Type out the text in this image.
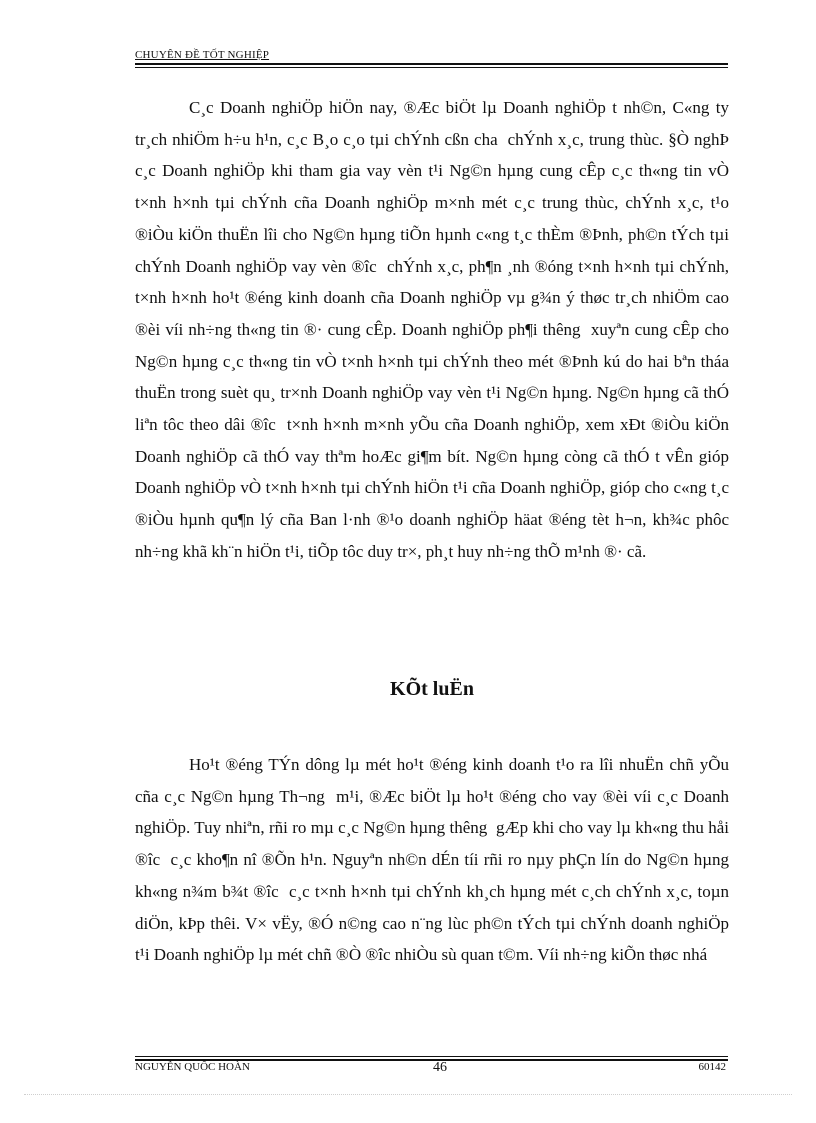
CHUYÊN ĐỀ TỐT NGHIỆP

C¸c Doanh nghiÖp hiÖn nay, ®Æc biÖt lµ Doanh nghiÖp t nh©n, C«ng ty tr¸ch nhiÖm h÷u h¹n, c¸c B¸o c¸o tµi chÝnh cßn cha chÝnh x¸c, trung thùc. §Ò nghÞ c¸c Doanh nghiÖp khi tham gia vay vèn t¹i Ng©n hµng cung cÊp c¸c th«ng tin vÒ t×nh h×nh tµi chÝnh cña Doanh nghiÖp m×nh mét c¸c trung thùc, chÝnh x¸c, t¹o ®iÒu kiÖn thuËn lîi cho Ng©n hµng tiÕn hµnh c«ng t¸c thÈm ®Þnh, ph©n tÝch tµi chÝnh Doanh nghiÖp vay vèn ®îc chÝnh x¸c, ph¶n ¸nh ®óng t×nh h×nh tµi chÝnh, t×nh h×nh ho¹t ®éng kinh doanh cña Doanh nghiÖp vµ g¾n ý thøc tr¸ch nhiÖm cao ®èi víi nh÷ng th«ng tin ®· cung cÊp. Doanh nghiÖp ph¶i thêng xuyªn cung cÊp cho Ng©n hµng c¸c th«ng tin vÒ t×nh h×nh tµi chÝnh theo mét ®Þnh kú do hai bªn tháa thuËn trong suèt qu¸ tr×nh Doanh nghiÖp vay vèn t¹i Ng©n hµng. Ng©n hµng cã thÓ liªn tôc theo dâi ®îc t×nh h×nh m×nh yÕu cña Doanh nghiÖp, xem xÐt ®iÒu kiÖn Doanh nghiÖp cã thÓ vay thªm hoÆc gi¶m bít. Ng©n hµng còng cã thÓ t vÊn gióp Doanh nghiÖp vÒ t×nh h×nh tµi chÝnh hiÖn t¹i cña Doanh nghiÖp, gióp cho c«ng t¸c ®iÒu hµnh qu¶n lý cña Ban l·nh ®¹o doanh nghiÖp häat ®éng tèt h¬n, kh¾c phôc nh÷ng khã kh¨n hiÖn t¹i, tiÕp tôc duy tr×, ph¸t huy nh÷ng thÕ m¹nh ®· cã.

KÕt luËn

Ho¹t ®éng TÝn dông lµ mét ho¹t ®éng kinh doanh t¹o ra lîi nhuËn chñ yÕu cña c¸c Ng©n hµng Th¬ng m¹i, ®Æc biÖt lµ ho¹t ®éng cho vay ®èi víi c¸c Doanh nghiÖp. Tuy nhiªn, rñi ro mµ c¸c Ng©n hµng thêng gÆp khi cho vay lµ kh«ng thu håi ®îc c¸c kho¶n nî ®Õn h¹n. Nguyªn nh©n dÉn tíi rñi ro nµy phÇn lín do Ng©n hµng kh«ng n¾m b¾t ®îc c¸c t×nh h×nh tµi chÝnh kh¸ch hµng mét c¸ch chÝnh x¸c, toµn diÖn, kÞp thêi. V× vËy, ®Ó n©ng cao n¨ng lùc ph©n tÝch tµi chÝnh doanh nghiÖp t¹i Doanh nghiÖp lµ mét chñ ®Ò ®îc nhiÒu sù quan t©m. Víi nh÷ng kiÕn thøc nhá

NGUYỄN QUỐC HOÀN	46	60142
